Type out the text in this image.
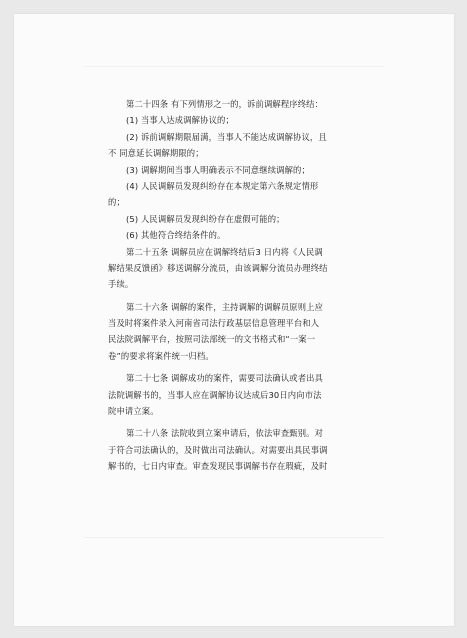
第二十四条 有下列情形之一的，诉前调解程序终结：
(1) 当事人达成调解协议的；
(2) 诉前调解期限届满，当事人不能达成调解协议，且
不 同意延长调解期限的；
(3) 调解期间当事人明确表示不同意继续调解的；
(4) 人民调解员发现纠纷存在本规定第六条规定情形
的；
(5) 人民调解员发现纠纷存在虚假可能的；
(6) 其他符合终结条件的。
第二十五条 调解员应在调解终结后3 日内将《人民调
解结果反馈函》移送调解分流员，由该调解分流员办理终结
手续。
第二十六条 调解的案件，主持调解的调解员原则上应
当及时将案件录入河南省司法行政基层信息管理平台和人
民法院调解平台，按照司法部统一的文书格式和“一案一
卷”的要求将案件统一归档。
第二十七条 调解成功的案件，需要司法确认或者出具
法院调解书的，当事人应在调解协议达成后30日内向市法
院申请立案。
第二十八条 法院收到立案申请后，依法审查甄别。对
于符合司法确认的，及时做出司法确认。对需要出具民事调
解书的，七日内审查。审查发现民事调解书存在瑕疵，及时
